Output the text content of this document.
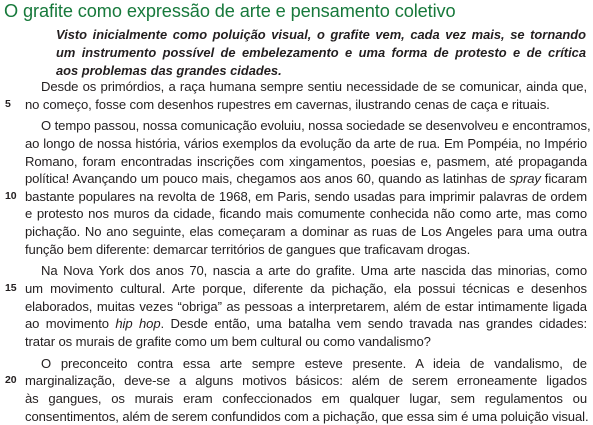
O grafite como expressão de arte e pensamento coletivo
Visto inicialmente como poluição visual, o grafite vem, cada vez mais, se tornando
um instrumento possível de embelezamento e uma forma de protesto e de crítica
aos problemas das grandes cidades.
Desde os primórdios, a raça humana sempre sentiu necessidade de se comunicar, ainda que,
5	no começo, fosse com desenhos rupestres em cavernas, ilustrando cenas de caça e rituais.
O tempo passou, nossa comunicação evoluiu, nossa sociedade se desenvolveu e encontramos,
ao longo de nossa história, vários exemplos da evolução da arte de rua. Em Pompéia, no Império
Romano, foram encontradas inscrições com xingamentos, poesias e, pasmem, até propaganda
política! Avançando um pouco mais, chegamos aos anos 60, quando as latinhas de spray ficaram
10 bastante populares na revolta de 1968, em Paris, sendo usadas para imprimir palavras de ordem
e protesto nos muros da cidade, ficando mais comumente conhecida não como arte, mas como
pichação. No ano seguinte, elas começaram a dominar as ruas de Los Angeles para uma outra
função bem diferente: demarcar territórios de gangues que traficavam drogas.
Na Nova York dos anos 70, nascia a arte do grafite. Uma arte nascida das minorias, como
15 um movimento cultural. Arte porque, diferente da pichação, ela possui técnicas e desenhos
elaborados, muitas vezes “obriga” as pessoas a interpretarem, além de estar intimamente ligada
ao movimento hip hop. Desde então, uma batalha vem sendo travada nas grandes cidades:
tratar os murais de grafite como um bem cultural ou como vandalismo?
O preconceito contra essa arte sempre esteve presente. A ideia de vandalismo, de
20 marginalização, deve-se a alguns motivos básicos: além de serem erroneamente ligados
às gangues, os murais eram confeccionados em qualquer lugar, sem regulamentos ou
consentimentos, além de serem confundidos com a pichação, que essa sim é uma poluição visual.
